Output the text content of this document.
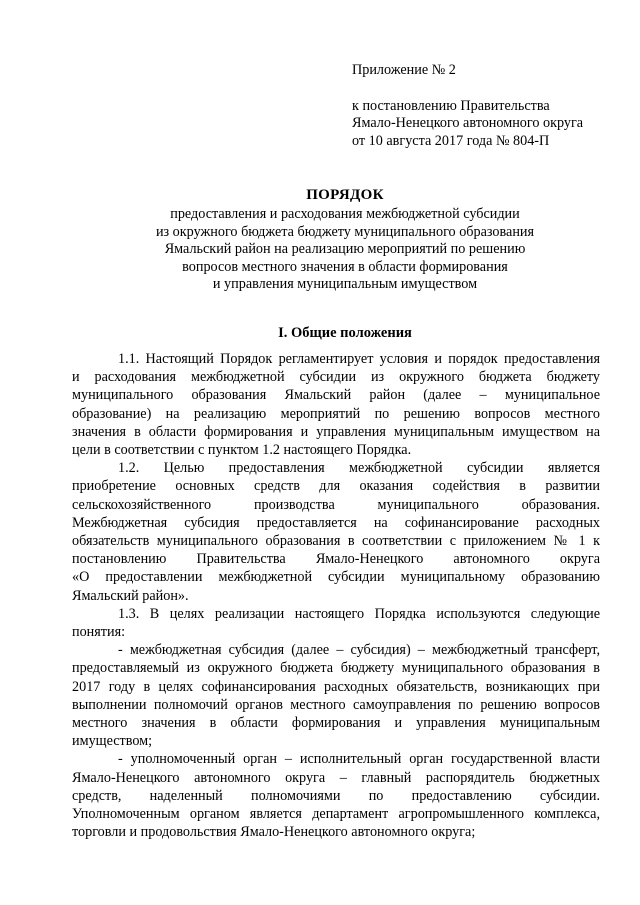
Приложение № 2
к постановлению Правительства
Ямало-Ненецкого автономного округа
от 10 августа 2017 года № 804-П
ПОРЯДОК
предоставления и расходования межбюджетной субсидии
из окружного бюджета бюджету муниципального образования
Ямальский район на реализацию мероприятий по решению
вопросов местного значения в области формирования
и управления муниципальным имуществом
I. Общие положения
1.1. Настоящий Порядок регламентирует условия и порядок предоставления
и расходования межбюджетной субсидии из окружного бюджета бюджету
муниципального образования Ямальский район (далее – муниципальное
образование) на реализацию мероприятий по решению вопросов местного
значения в области формирования и управления муниципальным имуществом на
цели в соответствии с пунктом 1.2 настоящего Порядка.
1.2. Целью предоставления межбюджетной субсидии является
приобретение основных средств для оказания содействия в развитии
сельскохозяйственного производства муниципального образования.
Межбюджетная субсидия предоставляется на софинансирование расходных
обязательств муниципального образования в соответствии с приложением № 1 к
постановлению Правительства Ямало-Ненецкого автономного округа
«О предоставлении межбюджетной субсидии муниципальному образованию
Ямальский район».
1.3. В целях реализации настоящего Порядка используются следующие
понятия:
- межбюджетная субсидия (далее – субсидия) – межбюджетный трансферт,
предоставляемый из окружного бюджета бюджету муниципального образования в
2017 году в целях софинансирования расходных обязательств, возникающих при
выполнении полномочий органов местного самоуправления по решению вопросов
местного значения в области формирования и управления муниципальным
имуществом;
- уполномоченный орган – исполнительный орган государственной власти
Ямало-Ненецкого автономного округа – главный распорядитель бюджетных
средств, наделенный полномочиями по предоставлению субсидии.
Уполномоченным органом является департамент агропромышленного комплекса,
торговли и продовольствия Ямало-Ненецкого автономного округа;
